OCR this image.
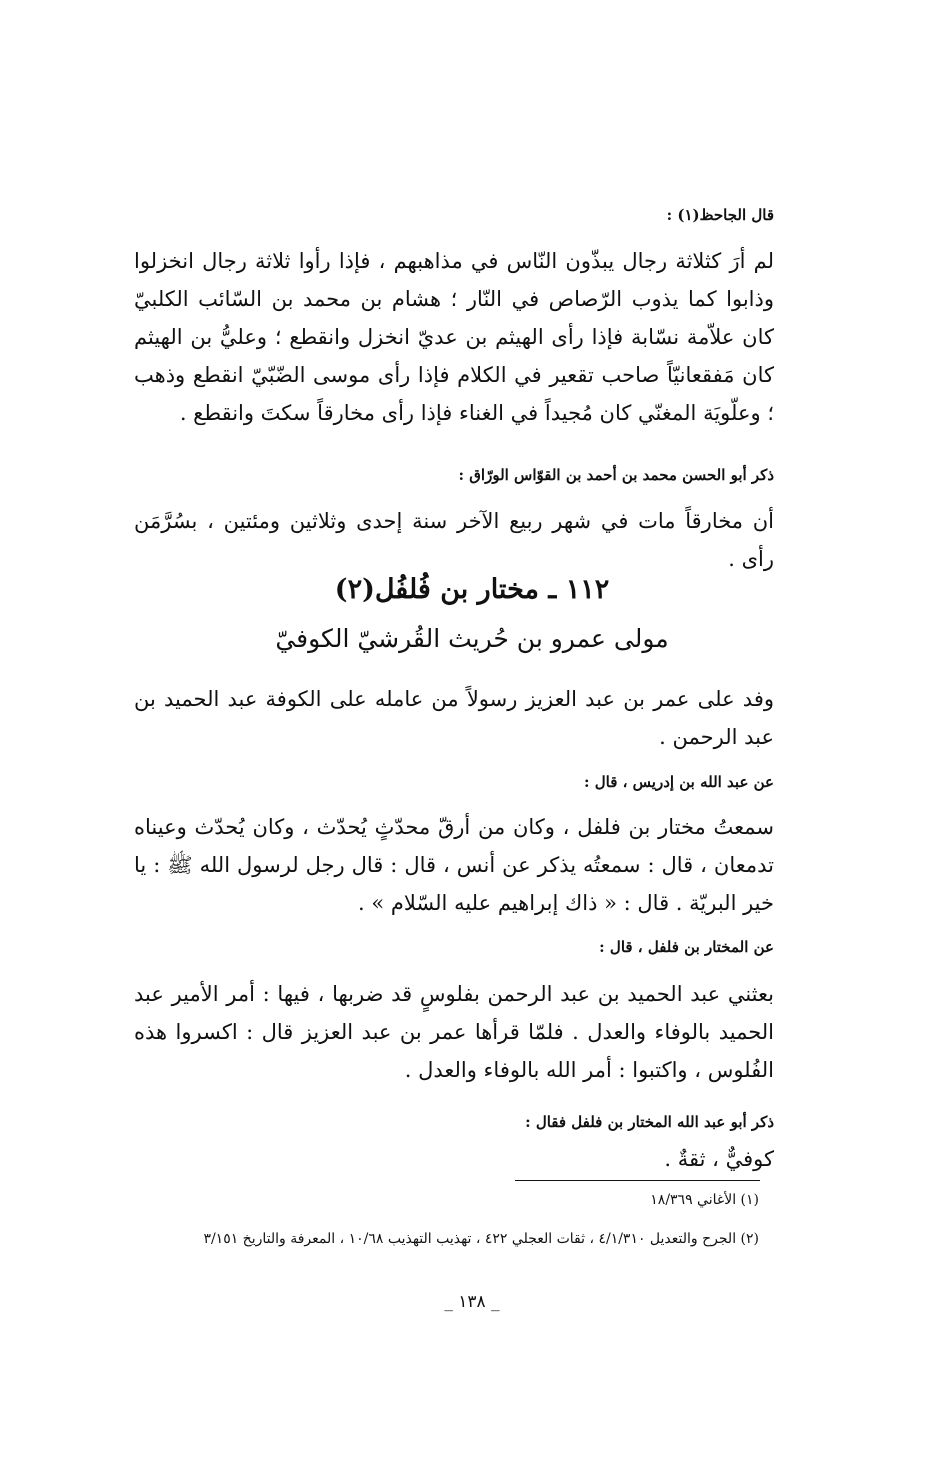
قال الجاحظ(١) :
لم أرَ كثلاثة رجال يبذّون النّاس في مذاهبهم ، فإذا رأوا ثلاثة رجال انخزلوا وذابوا كما يذوب الرّصاص في النّار ؛ هشام بن محمد بن السّائب الكلبيّ كان علاّمة نسّابة فإذا رأى الهيثم بن عديّ انخزل وانقطع ؛ وعليُّ بن الهيثم كان مَفقعانيّاً صاحب تقعير في الكلام فإذا رأى موسى الضّبّيّ انقطع وذهب ؛ وعلّويَة المغنّي كان مُجيداً في الغناء فإذا رأى مخارقاً سكتَ وانقطع .
ذكر أبو الحسن محمد بن أحمد بن القوّاس الورّاق :
أن مخارقاً مات في شهر ربيع الآخر سنة إحدى وثلاثين ومئتين ، بسُرَّمَن رأى .
١١٢ ـ مختار بن فُلفُل(٢)
مولى عمرو بن حُريث القُرشيّ الكوفيّ
وفد على عمر بن عبد العزيز رسولاً من عامله على الكوفة عبد الحميد بن عبد الرحمن .
عن عبد الله بن إدريس ، قال :
سمعتُ مختار بن فلفل ، وكان من أرقّ محدّثٍ يُحدّث ، وكان يُحدّث وعيناه تدمعان ، قال : سمعتُه يذكر عن أنس ، قال : قال رجل لرسول الله ﷺ : يا خير البريّة . قال : « ذاك إبراهيم عليه السّلام » .
عن المختار بن فلفل ، قال :
بعثني عبد الحميد بن عبد الرحمن بفلوسٍ قد ضربها ، فيها : أمر الأمير عبد الحميد بالوفاء والعدل . فلمّا قرأها عمر بن عبد العزيز قال : اكسروا هذه الفُلوس ، واكتبوا : أمر الله بالوفاء والعدل .
ذكر أبو عبد الله المختار بن فلفل فقال :
كوفيٌّ ، ثقةٌ .
(١) الأغاني ١٨/٣٦٩
(٢) الجرح والتعديل ٤/١/٣١٠ ، ثقات العجلي ٤٢٢ ، تهذيب التهذيب ١٠/٦٨ ، المعرفة والتاريخ ٣/١٥١
_ ١٣٨ _
